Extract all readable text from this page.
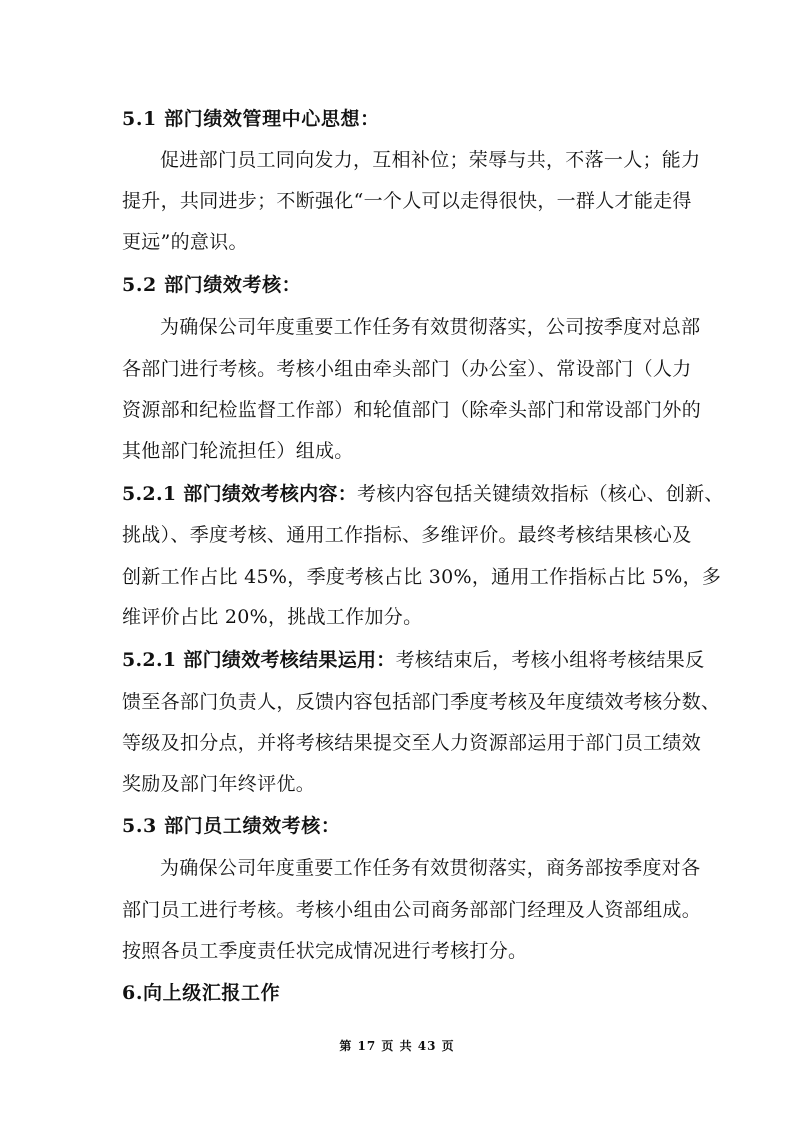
5.1 部门绩效管理中心思想：
促进部门员工同向发力，互相补位；荣辱与共，不落一人；能力
提升，共同进步；不断强化“一个人可以走得很快，一群人才能走得
更远”的意识。
5.2 部门绩效考核：
为确保公司年度重要工作任务有效贯彻落实，公司按季度对总部
各部门进行考核。考核小组由牵头部门（办公室）、常设部门（人力
资源部和纪检监督工作部）和轮值部门（除牵头部门和常设部门外的
其他部门轮流担任）组成。
5.2.1 部门绩效考核内容：考核内容包括关键绩效指标（核心、创新、
挑战）、季度考核、通用工作指标、多维评价。最终考核结果核心及
创新工作占比 45%，季度考核占比 30%，通用工作指标占比 5%，多
维评价占比 20%，挑战工作加分。
5.2.1 部门绩效考核结果运用：考核结束后，考核小组将考核结果反
馈至各部门负责人，反馈内容包括部门季度考核及年度绩效考核分数、
等级及扣分点，并将考核结果提交至人力资源部运用于部门员工绩效
奖励及部门年终评优。
5.3 部门员工绩效考核：
为确保公司年度重要工作任务有效贯彻落实，商务部按季度对各
部门员工进行考核。考核小组由公司商务部部门经理及人资部组成。
按照各员工季度责任状完成情况进行考核打分。
6.向上级汇报工作
第 17 页 共 43 页
